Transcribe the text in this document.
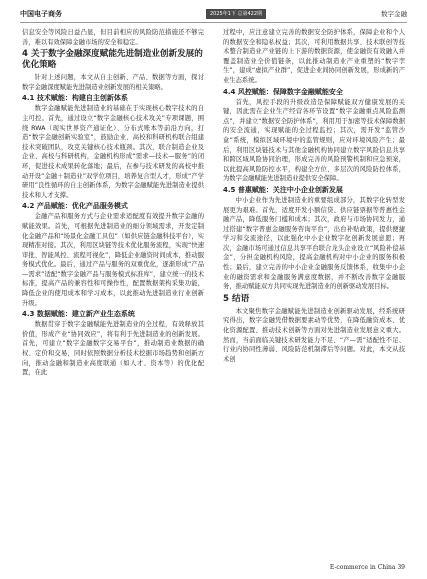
中国电子商务	2025年1下 总第422期	数字金融

信息安全等风险日益凸显，但目前相应的风险防范措施还不够完善，难以有效保障金融市场的安全和稳定。

4 关于数字金融深度赋能先进制造业创新发展的优化策略

针对上述问题，本文从自主创新、产品、数据等方面，探讨数字金融深度赋能先进制造业创新发展的相关策略。

4.1 技术赋能：构建自主创新体系

数字金融赋能先进制造业的基础在于实现核心数字技术的自主可控。首先，通过设立“数字金融核心技术攻关”专项课题，围绕 RWA（现实世界资产通证化）、分布式账本等前沿方向，打造“数字金融创新实验室”，鼓励企业、高校和科研机构联合组建技术突破团队，攻克关键核心技术瓶颈。其次，联合制造企业及企业、高校与科研机构，金融机构形成“需求—技术—服务”的闭环，促进技术成果转化落地；最后，在参与技术研发的高校中推动开设“金融＋制造业”双学位项目，培养复合型人才，形成“产学研用”良性循环的自主创新体系，为数字金融赋能先进制造业提供技术和人才支撑。

4.2 产品赋能：优化产品服务模式

金融产品和服务方式与企业需求适配度有效提升数字金融的赋能效果。首先，可根据先进制造业的细分领域需求，开发定制化金融产品和“场景化金融工具包”（如供应链金融科技平台），实现精准对接。其次，利用区块链等技术优化服务流程，实现“快速审批、智能风控、流程可视化”，降低企业融资时间成本，推动服务模式优化。最后，通过产品与服务的双重优化，逐渐形成“产品—需求”适配“数字金融产品与服务模式标准库”，建立统一的技术标准，提高产品的兼容性和可操作性，配置数据架构采集功能，降低企业的使用成本和学习成本，以此推动先进制造业行业创新升级。

4.3 数据赋能：建立新产业生态系统

数据贯穿于数字金融赋能先进制造业的全过程，有效释放其价值，形成产业“协同效应”，将有利于先进制造业的创新发展。首先，可建立“数字金融数字交易平台”，推动制造业数据的确权、定价和交易，同时依照数据分析技术挖掘市场趋势和创新方向，推动金融和制造业高度联通（如人才、资本等）的优化配置，在此

过程中，应注意建立完善的数据安全防护体系，保障企业和个人的数据安全和隐私权益；其次，可利用数据共享、技术联创等技术整合制造业产业链的上下游的数据资源，使金融资有效融入并覆盖制造业全价值链条，以此推动制造业产业重塑的“数字孪生”，建成“虚拟产业群”，促进企业间协同创新发展，形成新的产业生态系统。

4.4 风控赋能：保障数字金融赋能安全

首先，风控手段的升级改造是保障赋能双方健康发展的关键，因此需在企业生产经营各环节设置“数字金融重点风险监测点”，并建立“数据安全防护体系”，利用用于加密等技术保障数据的安全流通，实现赋能的全过程监控；其次，需开发“监管沙盒”系统，模拟区域环境中的监管规则，应对环境风险产生；最后，利用区块链技术与其他金融机构协同建立数字风险信息共享和跨区域风险协同治理，形成完善的风险预警机制和应急预案，以此提高风险防控水平，构建全方位、多层次的风险防控体系，为数字金融赋能先进制造业提供安全保障。

4.5 普惠赋能：关注中小企业创新发展

中小企业作为先进制造业的重要组成部分，其数字化转型发展更为艰难。首先，适度开发小额信贷、供应链票据等普惠性金融产品，降低服务门槛和成本；其次，政府与市场协同发力，通过搭建“数字普惠金融服务咨询平台”，出台补贴政策，提供便捷学习和交流途径，以此强化中小企业数字化创新发展意愿；再次，金融市场可通过信息共享平台联合龙头企业设立“风险补偿基金”，分担金融机构风险，提高金融机构对中小企业的服务积极性；最后，建立完善的中小企业金融服务反馈体系，收集中小企业的融资需求和金融服务满意度数据，并不断改善数字金融服务，推动赋能双方共同实现先进制造业的创新驱动发展目标。

5 结语

本文聚焦数字金融赋能先进制造业创新驱动发展，经系统研究得出，数字金融凭借数据要素动等优势，在降低融资成本、优化资源配置、推动技术创新等方面对先进制造业发展意义重大。然而，当前面临关键技术研发能力不足、“产—需”适配性不足、行业内协同性薄弱、风险防范机制滞后等问题。对此，本文从技术创

E-commerce in China 39
